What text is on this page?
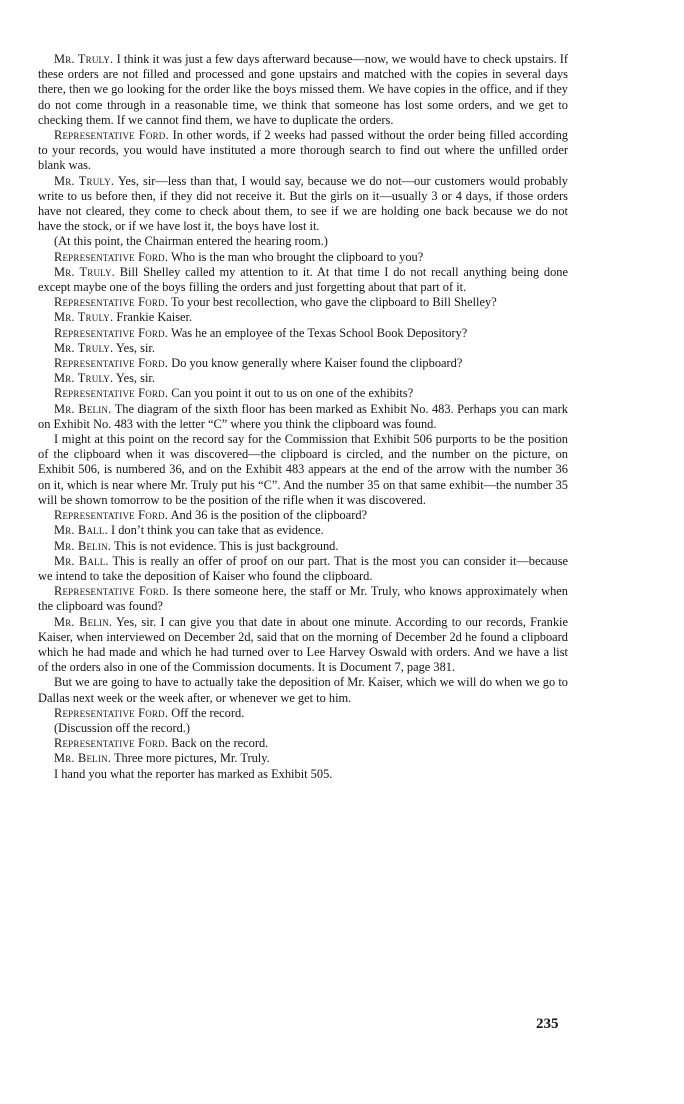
Mr. Truly. I think it was just a few days afterward because—now, we would have to check upstairs. If these orders are not filled and processed and gone upstairs and matched with the copies in several days there, then we go looking for the order like the boys missed them. We have copies in the office, and if they do not come through in a reasonable time, we think that someone has lost some orders, and we get to checking them. If we cannot find them, we have to duplicate the orders.

Representative Ford. In other words, if 2 weeks had passed without the order being filled according to your records, you would have instituted a more thorough search to find out where the unfilled order blank was.

Mr. Truly. Yes, sir—less than that, I would say, because we do not—our customers would probably write to us before then, if they did not receive it. But the girls on it—usually 3 or 4 days, if those orders have not cleared, they come to check about them, to see if we are holding one back because we do not have the stock, or if we have lost it, the boys have lost it.

(At this point, the Chairman entered the hearing room.)

Representative Ford. Who is the man who brought the clipboard to you?

Mr. Truly. Bill Shelley called my attention to it. At that time I do not recall anything being done except maybe one of the boys filling the orders and just forgetting about that part of it.

Representative Ford. To your best recollection, who gave the clipboard to Bill Shelley?

Mr. Truly. Frankie Kaiser.

Representative Ford. Was he an employee of the Texas School Book Depository?

Mr. Truly. Yes, sir.

Representative Ford. Do you know generally where Kaiser found the clipboard?

Mr. Truly. Yes, sir.

Representative Ford. Can you point it out to us on one of the exhibits?

Mr. Belin. The diagram of the sixth floor has been marked as Exhibit No. 483. Perhaps you can mark on Exhibit No. 483 with the letter “C” where you think the clipboard was found.

I might at this point on the record say for the Commission that Exhibit 506 purports to be the position of the clipboard when it was discovered—the clipboard is circled, and the number on the picture, on Exhibit 506, is numbered 36, and on the Exhibit 483 appears at the end of the arrow with the number 36 on it, which is near where Mr. Truly put his “C”. And the number 35 on that same exhibit—the number 35 will be shown tomorrow to be the position of the rifle when it was discovered.

Representative Ford. And 36 is the position of the clipboard?

Mr. Ball. I don’t think you can take that as evidence.

Mr. Belin. This is not evidence. This is just background.

Mr. Ball. This is really an offer of proof on our part. That is the most you can consider it—because we intend to take the deposition of Kaiser who found the clipboard.

Representative Ford. Is there someone here, the staff or Mr. Truly, who knows approximately when the clipboard was found?

Mr. Belin. Yes, sir. I can give you that date in about one minute. According to our records, Frankie Kaiser, when interviewed on December 2d, said that on the morning of December 2d he found a clipboard which he had made and which he had turned over to Lee Harvey Oswald with orders. And we have a list of the orders also in one of the Commission documents. It is Document 7, page 381.

But we are going to have to actually take the deposition of Mr. Kaiser, which we will do when we go to Dallas next week or the week after, or whenever we get to him.

Representative Ford. Off the record.

(Discussion off the record.)

Representative Ford. Back on the record.

Mr. Belin. Three more pictures, Mr. Truly.

I hand you what the reporter has marked as Exhibit 505.

235
